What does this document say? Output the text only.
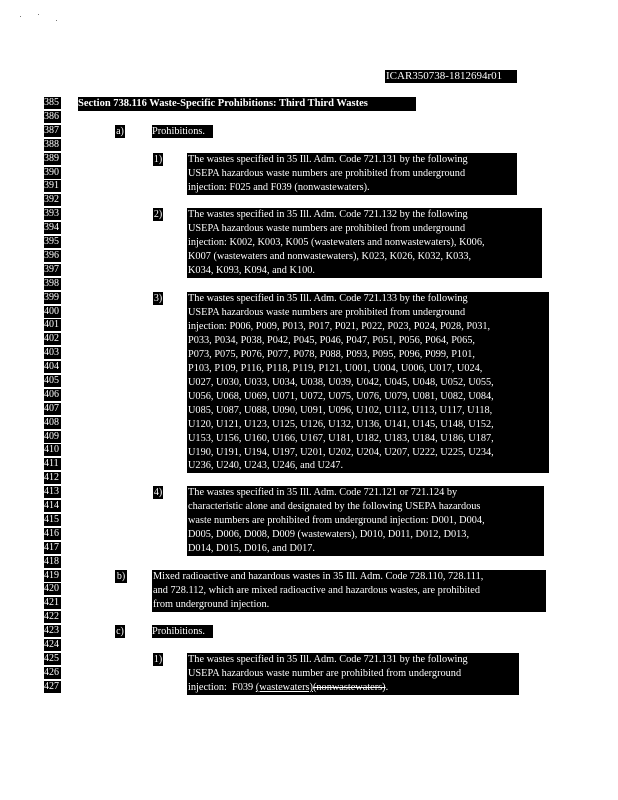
ICAR350738-1812694r01
385
386
387
388
389
390
391
392
393
394
395
396
397
398
399
400
401
402
403
404
405
406
407
408
409
410
411
412
413
414
415
416
417
418
419
420
421
422
423
424
425
426
427
Section 738.116 Waste-Specific Prohibitions: Third Third Wastes
a)	Prohibitions.
1)	The wastes specified in 35 Ill. Adm. Code 721.131 by the following
USEPA hazardous waste numbers are prohibited from underground
injection: F025 and F039 (nonwastewaters).
2)	The wastes specified in 35 Ill. Adm. Code 721.132 by the following
USEPA hazardous waste numbers are prohibited from underground
injection: K002, K003, K005 (wastewaters and nonwastewaters), K006,
K007 (wastewaters and nonwastewaters), K023, K026, K032, K033,
K034, K093, K094, and K100.
3)	The wastes specified in 35 Ill. Adm. Code 721.133 by the following
USEPA hazardous waste numbers are prohibited from underground
injection: P006, P009, P013, P017, P021, P022, P023, P024, P028, P031,
P033, P034, P038, P042, P045, P046, P047, P051, P056, P064, P065,
P073, P075, P076, P077, P078, P088, P093, P095, P096, P099, P101,
P103, P109, P116, P118, P119, P121, U001, U004, U006, U017, U024,
U027, U030, U033, U034, U038, U039, U042, U045, U048, U052, U055,
U056, U068, U069, U071, U072, U075, U076, U079, U081, U082, U084,
U085, U087, U088, U090, U091, U096, U102, U112, U113, U117, U118,
U120, U121, U123, U125, U126, U132, U136, U141, U145, U148, U152,
U153, U156, U160, U166, U167, U181, U182, U183, U184, U186, U187,
U190, U191, U194, U197, U201, U202, U204, U207, U222, U225, U234,
U236, U240, U243, U246, and U247.
4)	The wastes specified in 35 Ill. Adm. Code 721.121 or 721.124 by
characteristic alone and designated by the following USEPA hazardous
waste numbers are prohibited from underground injection: D001, D004,
D005, D006, D008, D009 (wastewaters), D010, D011, D012, D013,
D014, D015, D016, and D017.
b)	Mixed radioactive and hazardous wastes in 35 Ill. Adm. Code 728.110, 728.111,
and 728.112, which are mixed radioactive and hazardous wastes, are prohibited
from underground injection.
c)	Prohibitions.
1)	The wastes specified in 35 Ill. Adm. Code 721.131 by the following
USEPA hazardous waste number are prohibited from underground
injection:  F039 (wastewaters)(nonwastewaters).
